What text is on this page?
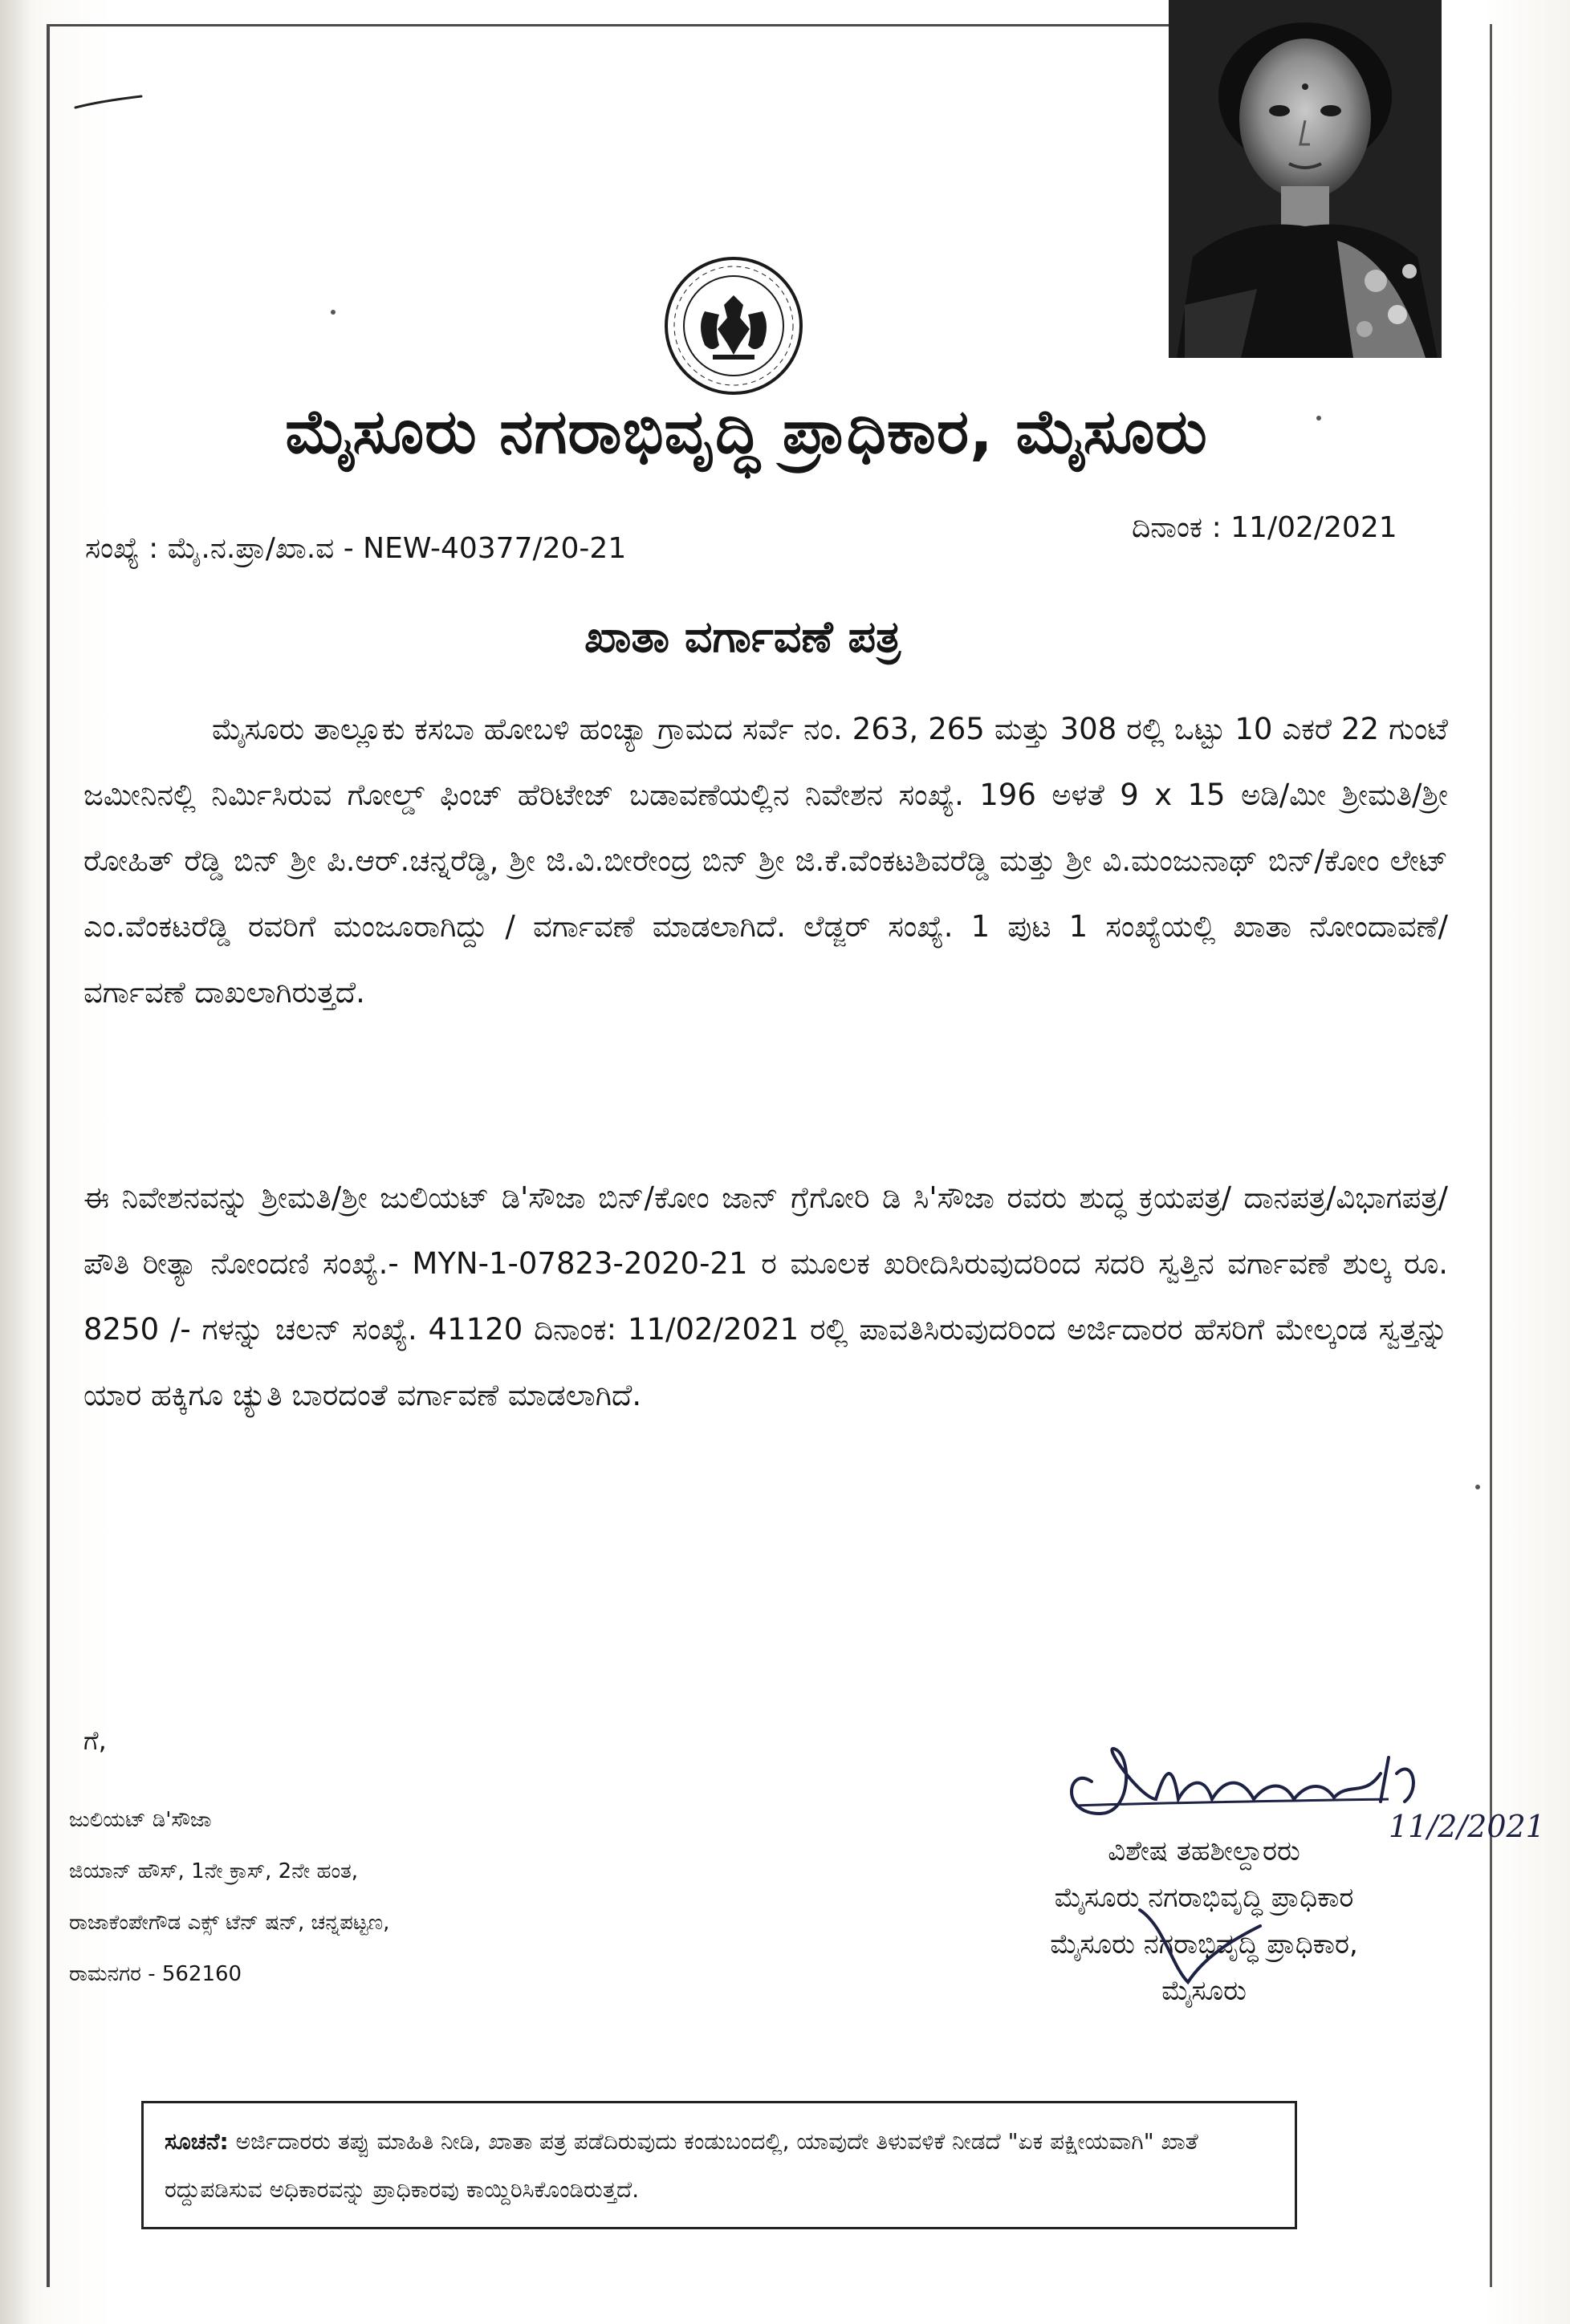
ಮೈಸೂರು ನಗರಾಭಿವೃದ್ಧಿ ಪ್ರಾಧಿಕಾರ, ಮೈಸೂರು
ಸಂಖ್ಯೆ : ಮೈ.ನ.ಪ್ರಾ/ಖಾ.ವ - NEW-40377/20-21
ದಿನಾಂಕ : 11/02/2021
ಖಾತಾ ವರ್ಗಾವಣೆ ಪತ್ರ
ಮೈಸೂರು ತಾಲ್ಲೂಕು ಕಸಬಾ ಹೋಬಳಿ ಹಂಚ್ಯಾ ಗ್ರಾಮದ ಸರ್ವೆ ನಂ. 263, 265 ಮತ್ತು 308 ರಲ್ಲಿ ಒಟ್ಟು 10 ಎಕರೆ 22 ಗುಂಟೆ ಜಮೀನಿನಲ್ಲಿ ನಿರ್ಮಿಸಿರುವ ಗೋಲ್ಡ್ ಫಿಂಚ್ ಹೆರಿಟೇಜ್ ಬಡಾವಣೆಯಲ್ಲಿನ ನಿವೇಶನ ಸಂಖ್ಯೆ. 196 ಅಳತೆ 9 x 15 ಅಡಿ/ಮೀ ಶ್ರೀಮತಿ/ಶ್ರೀ ರೋಹಿತ್ ರೆಡ್ಡಿ ಬಿನ್ ಶ್ರೀ ಪಿ.ಆರ್.ಚನ್ನರೆಡ್ಡಿ, ಶ್ರೀ ಜಿ.ವಿ.ಬೀರೇಂದ್ರ ಬಿನ್ ಶ್ರೀ ಜಿ.ಕೆ.ವೆಂಕಟಶಿವರೆಡ್ಡಿ ಮತ್ತು ಶ್ರೀ ವಿ.ಮಂಜುನಾಥ್ ಬಿನ್/ಕೋಂ ಲೇಟ್ ಎಂ.ವೆಂಕಟರೆಡ್ಡಿ ರವರಿಗೆ ಮಂಜೂರಾಗಿದ್ದು / ವರ್ಗಾವಣೆ ಮಾಡಲಾಗಿದೆ. ಲೆಡ್ಜರ್ ಸಂಖ್ಯೆ. 1 ಪುಟ 1 ಸಂಖ್ಯೆಯಲ್ಲಿ ಖಾತಾ ನೋಂದಾವಣೆ/ ವರ್ಗಾವಣೆ ದಾಖಲಾಗಿರುತ್ತದೆ.
ಈ ನಿವೇಶನವನ್ನು ಶ್ರೀಮತಿ/ಶ್ರೀ ಜುಲಿಯಟ್ ಡಿ'ಸೌಜಾ ಬಿನ್/ಕೋಂ ಜಾನ್ ಗ್ರೆಗೋರಿ ಡಿ ಸಿ'ಸೌಜಾ ರವರು ಶುದ್ಧ ಕ್ರಯಪತ್ರ/ ದಾನಪತ್ರ/ವಿಭಾಗಪತ್ರ/ಪೌತಿ ರೀತ್ಯಾ ನೋಂದಣಿ ಸಂಖ್ಯೆ.- MYN-1-07823-2020-21 ರ ಮೂಲಕ ಖರೀದಿಸಿರುವುದರಿಂದ ಸದರಿ ಸ್ವತ್ತಿನ ವರ್ಗಾವಣೆ ಶುಲ್ಕ ರೂ. 8250 /- ಗಳನ್ನು ಚಲನ್ ಸಂಖ್ಯೆ. 41120 ದಿನಾಂಕ: 11/02/2021 ರಲ್ಲಿ ಪಾವತಿಸಿರುವುದರಿಂದ ಅರ್ಜಿದಾರರ ಹೆಸರಿಗೆ ಮೇಲ್ಕಂಡ ಸ್ವತ್ತನ್ನು ಯಾರ ಹಕ್ಕಿಗೂ ಚ್ಯುತಿ ಬಾರದಂತೆ ವರ್ಗಾವಣೆ ಮಾಡಲಾಗಿದೆ.
ಗೆ,
ಜುಲಿಯಟ್ ಡಿ'ಸೌಜಾ
ಜಿಯಾನ್ ಹೌಸ್, 1ನೇ ಕ್ರಾಸ್, 2ನೇ ಹಂತ,
ರಾಜಾಕೆಂಪೇಗೌಡ ಎಕ್ಸ್ ಟೆನ್ ಷನ್, ಚನ್ನಪಟ್ಟಣ,
ರಾಮನಗರ - 562160
ವಿಶೇಷ ತಹಶೀಲ್ದಾರರು
ಮೈಸೂರು ನಗರಾಭಿವೃದ್ಧಿ ಪ್ರಾಧಿಕಾರ
ಮೈಸೂರು ನಗರಾಭಿವೃದ್ಧಿ ಪ್ರಾಧಿಕಾರ,
ಮೈಸೂರು
11/2/2021
ಸೂಚನೆ: ಅರ್ಜಿದಾರರು ತಪ್ಪು ಮಾಹಿತಿ ನೀಡಿ, ಖಾತಾ ಪತ್ರ ಪಡೆದಿರುವುದು ಕಂಡುಬಂದಲ್ಲಿ, ಯಾವುದೇ ತಿಳುವಳಿಕೆ ನೀಡದೆ "ಏಕ ಪಕ್ಷೀಯವಾಗಿ" ಖಾತೆ ರದ್ದುಪಡಿಸುವ ಅಧಿಕಾರವನ್ನು ಪ್ರಾಧಿಕಾರವು ಕಾಯ್ದಿರಿಸಿಕೊಂಡಿರುತ್ತದೆ.
